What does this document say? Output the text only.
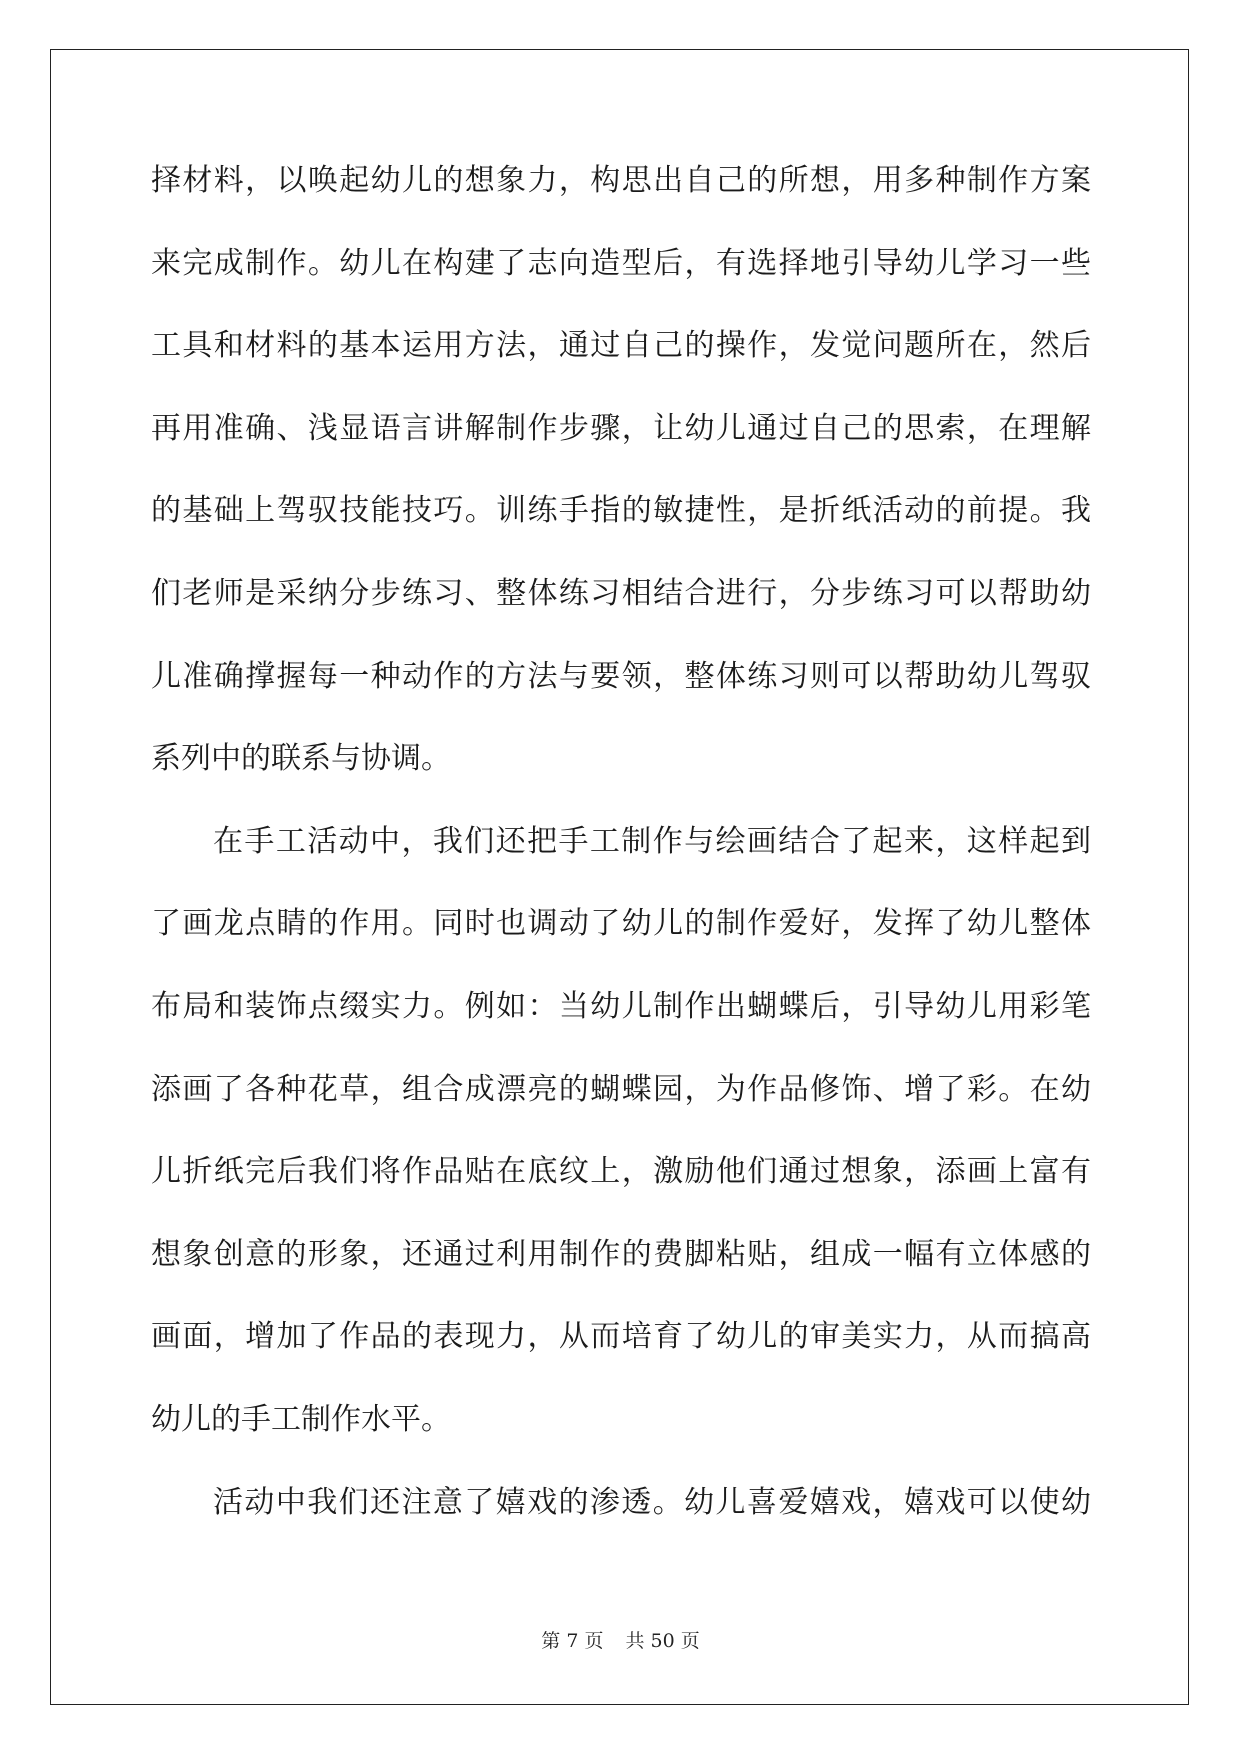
择材料，以唤起幼儿的想象力，构思出自己的所想，用多种制作方案
来完成制作。幼儿在构建了志向造型后，有选择地引导幼儿学习一些
工具和材料的基本运用方法，通过自己的操作，发觉问题所在，然后
再用准确、浅显语言讲解制作步骤，让幼儿通过自己的思索，在理解
的基础上驾驭技能技巧。训练手指的敏捷性，是折纸活动的前提。我
们老师是采纳分步练习、整体练习相结合进行，分步练习可以帮助幼
儿准确撑握每一种动作的方法与要领，整体练习则可以帮助幼儿驾驭
系列中的联系与协调。
在手工活动中，我们还把手工制作与绘画结合了起来，这样起到
了画龙点睛的作用。同时也调动了幼儿的制作爱好，发挥了幼儿整体
布局和装饰点缀实力。例如：当幼儿制作出蝴蝶后，引导幼儿用彩笔
添画了各种花草，组合成漂亮的蝴蝶园，为作品修饰、增了彩。在幼
儿折纸完后我们将作品贴在底纹上，激励他们通过想象，添画上富有
想象创意的形象，还通过利用制作的费脚粘贴，组成一幅有立体感的
画面，增加了作品的表现力，从而培育了幼儿的审美实力，从而搞高
幼儿的手工制作水平。
活动中我们还注意了嬉戏的渗透。幼儿喜爱嬉戏，嬉戏可以使幼
第 7 页 共 50 页
